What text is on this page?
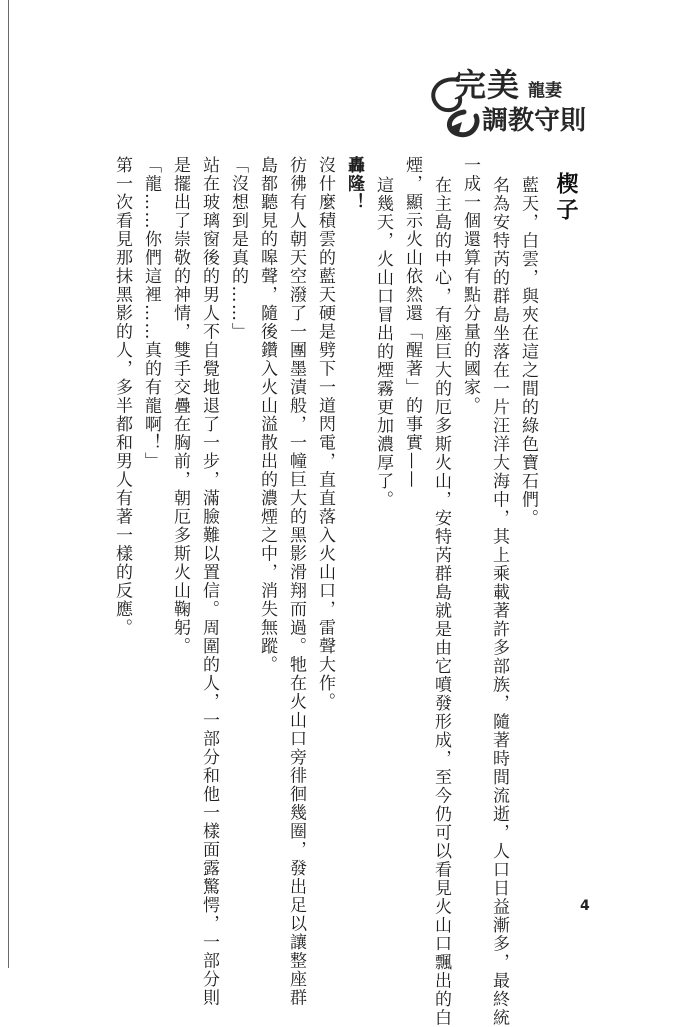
完美 龍妻
調教守則
楔子
藍天，白雲，與夾在這之間的綠色寶石們。
名為安特芮的群島坐落在一片汪洋大海中，其上乘載著許多部族，隨著時間流逝，人口日益漸多，最終統
一成一個還算有點分量的國家。
在主島的中心，有座巨大的厄多斯火山，安特芮群島就是由它噴發形成，至今仍可以看見火山口飄出的白
煙，顯示火山依然還「醒著」的事實——
這幾天，火山口冒出的煙霧更加濃厚了。
轟隆！
沒什麼積雲的藍天硬是劈下一道閃電，直直落入火山口，雷聲大作。
彷彿有人朝天空潑了一團墨漬般，一幢巨大的黑影滑翔而過。牠在火山口旁徘徊幾圈，發出足以讓整座群
島都聽見的嗥聲，隨後鑽入火山溢散出的濃煙之中，消失無蹤。
「沒想到是真的……」
站在玻璃窗後的男人不自覺地退了一步，滿臉難以置信。周圍的人，一部分和他一樣面露驚愕，一部分則
是擺出了崇敬的神情，雙手交疊在胸前，朝厄多斯火山鞠躬。
「龍……你們這裡……真的有龍啊！」
第一次看見那抹黑影的人，多半都和男人有著一樣的反應。
4
